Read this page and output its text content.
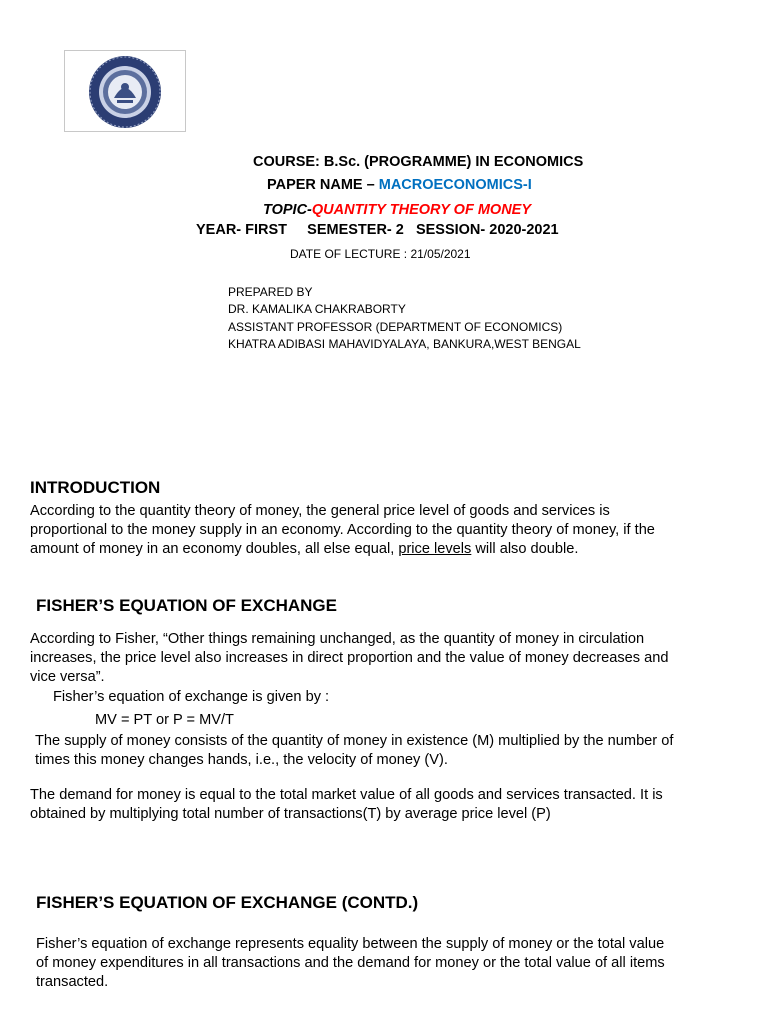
COURSE: B.Sc. (PROGRAMME) IN ECONOMICS
PAPER NAME – MACROECONOMICS-I
TOPIC-QUANTITY THEORY OF MONEY
YEAR- FIRST     SEMESTER- 2   SESSION- 2020-2021
DATE OF LECTURE : 21/05/2021
PREPARED BY
DR. KAMALIKA CHAKRABORTY
ASSISTANT PROFESSOR (DEPARTMENT OF ECONOMICS)
KHATRA ADIBASI MAHAVIDYALAYA, BANKURA,WEST BENGAL
INTRODUCTION
According to the quantity theory of money, the general price level of goods and services is
proportional to the money supply in an economy. According to the quantity theory of money, if the
amount of money in an economy doubles, all else equal, price levels will also double.
FISHER’S EQUATION OF EXCHANGE
According to Fisher, “Other things remaining unchanged, as the quantity of money in circulation
increases, the price level also increases in direct proportion and the value of money decreases and
vice versa”.
Fisher’s equation of exchange is given by :
MV = PT or P = MV/T
The supply of money consists of the quantity of money in existence (M) multiplied by the number of
times this money changes hands, i.e., the velocity of money (V).
The demand for money is equal to the total market value of all goods and services transacted. It is
obtained by multiplying total number of transactions(T) by average price level (P)
FISHER’S EQUATION OF EXCHANGE (CONTD.)
Fisher’s equation of exchange represents equality between the supply of money or the total value
of money expenditures in all transactions and the demand for money or the total value of all items
transacted.
